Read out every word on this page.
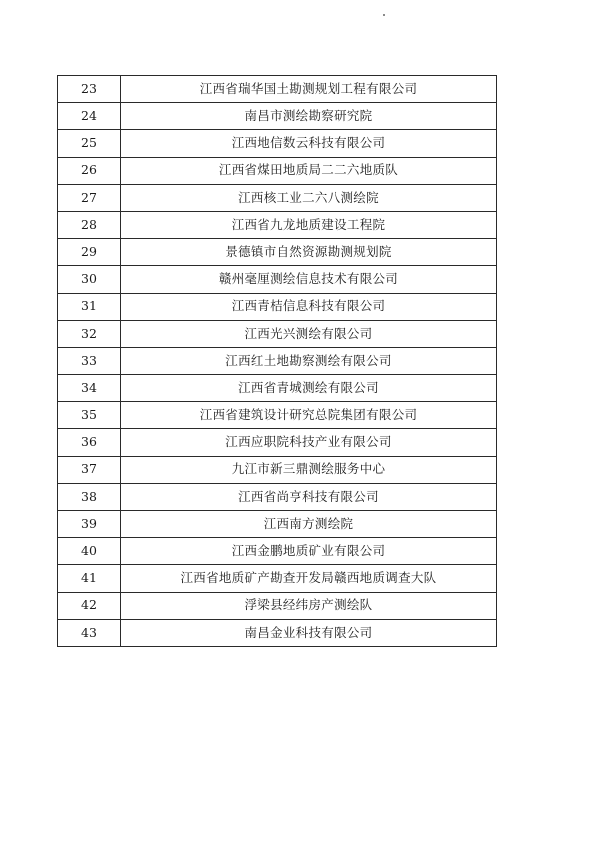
23	江西省瑞华国土勘测规划工程有限公司
24	南昌市测绘勘察研究院
25	江西地信数云科技有限公司
26	江西省煤田地质局二二六地质队
27	江西核工业二六八测绘院
28	江西省九龙地质建设工程院
29	景德镇市自然资源勘测规划院
30	赣州毫厘测绘信息技术有限公司
31	江西青桔信息科技有限公司
32	江西光兴测绘有限公司
33	江西红土地勘察测绘有限公司
34	江西省青城测绘有限公司
35	江西省建筑设计研究总院集团有限公司
36	江西应职院科技产业有限公司
37	九江市新三鼎测绘服务中心
38	江西省尚亨科技有限公司
39	江西南方测绘院
40	江西金鹏地质矿业有限公司
41	江西省地质矿产勘查开发局赣西地质调查大队
42	浮梁县经纬房产测绘队
43	南昌金业科技有限公司
